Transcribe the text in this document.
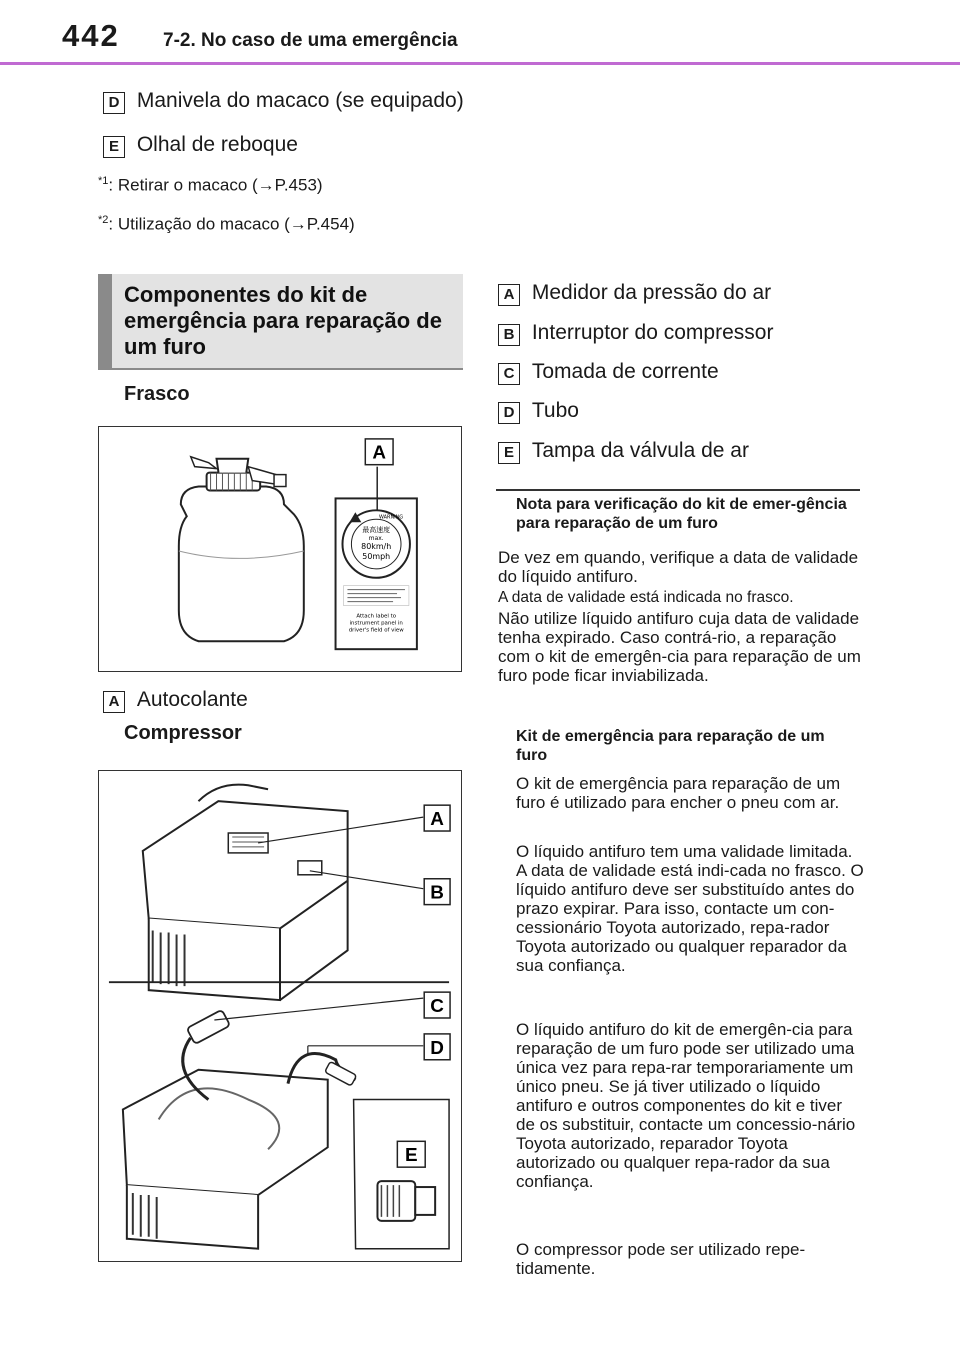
442 7-2. No caso de uma emergência
D Manivela do macaco (se equipado)
E Olhal de reboque
$^{*1}$: Retirar o macaco (→P.453)
$^{*2}$: Utilização do macaco (→P.454)
Componentes do kit de emergência para reparação de um furo
Frasco
最高速度
max.
80km/h
50mph
WARNING
Attach label to
instrument panel in
driver's field of view
A
A Autocolante
Compressor
A
B
C
D
E
A Medidor da pressão do ar
B Interruptor do compressor
C Tomada de corrente
D Tubo
E Tampa da válvula de ar
Nota para verificação do kit de emer-gência para reparação de um furo
De vez em quando, verifique a data de validade do líquido antifuro.
A data de validade está indicada no frasco.
Não utilize líquido antifuro cuja data de validade tenha expirado. Caso contrá-rio, a reparação com o kit de emergên-cia para reparação de um furo pode ficar inviabilizada.
Kit de emergência para reparação de um furo
O kit de emergência para reparação de um furo é utilizado para encher o pneu com ar.
O líquido antifuro tem uma validade limitada. A data de validade está indi-cada no frasco. O líquido antifuro deve ser substituído antes do prazo expirar. Para isso, contacte um con-cessionário Toyota autorizado, repa-rador Toyota autorizado ou qualquer reparador da sua confiança.
O líquido antifuro do kit de emergên-cia para reparação de um furo pode ser utilizado uma única vez para repa-rar temporariamente um único pneu. Se já tiver utilizado o líquido antifuro e outros componentes do kit e tiver de os substituir, contacte um concessio-nário Toyota autorizado, reparador Toyota autorizado ou qualquer repa-rador da sua confiança.
O compressor pode ser utilizado repe-tidamente.
